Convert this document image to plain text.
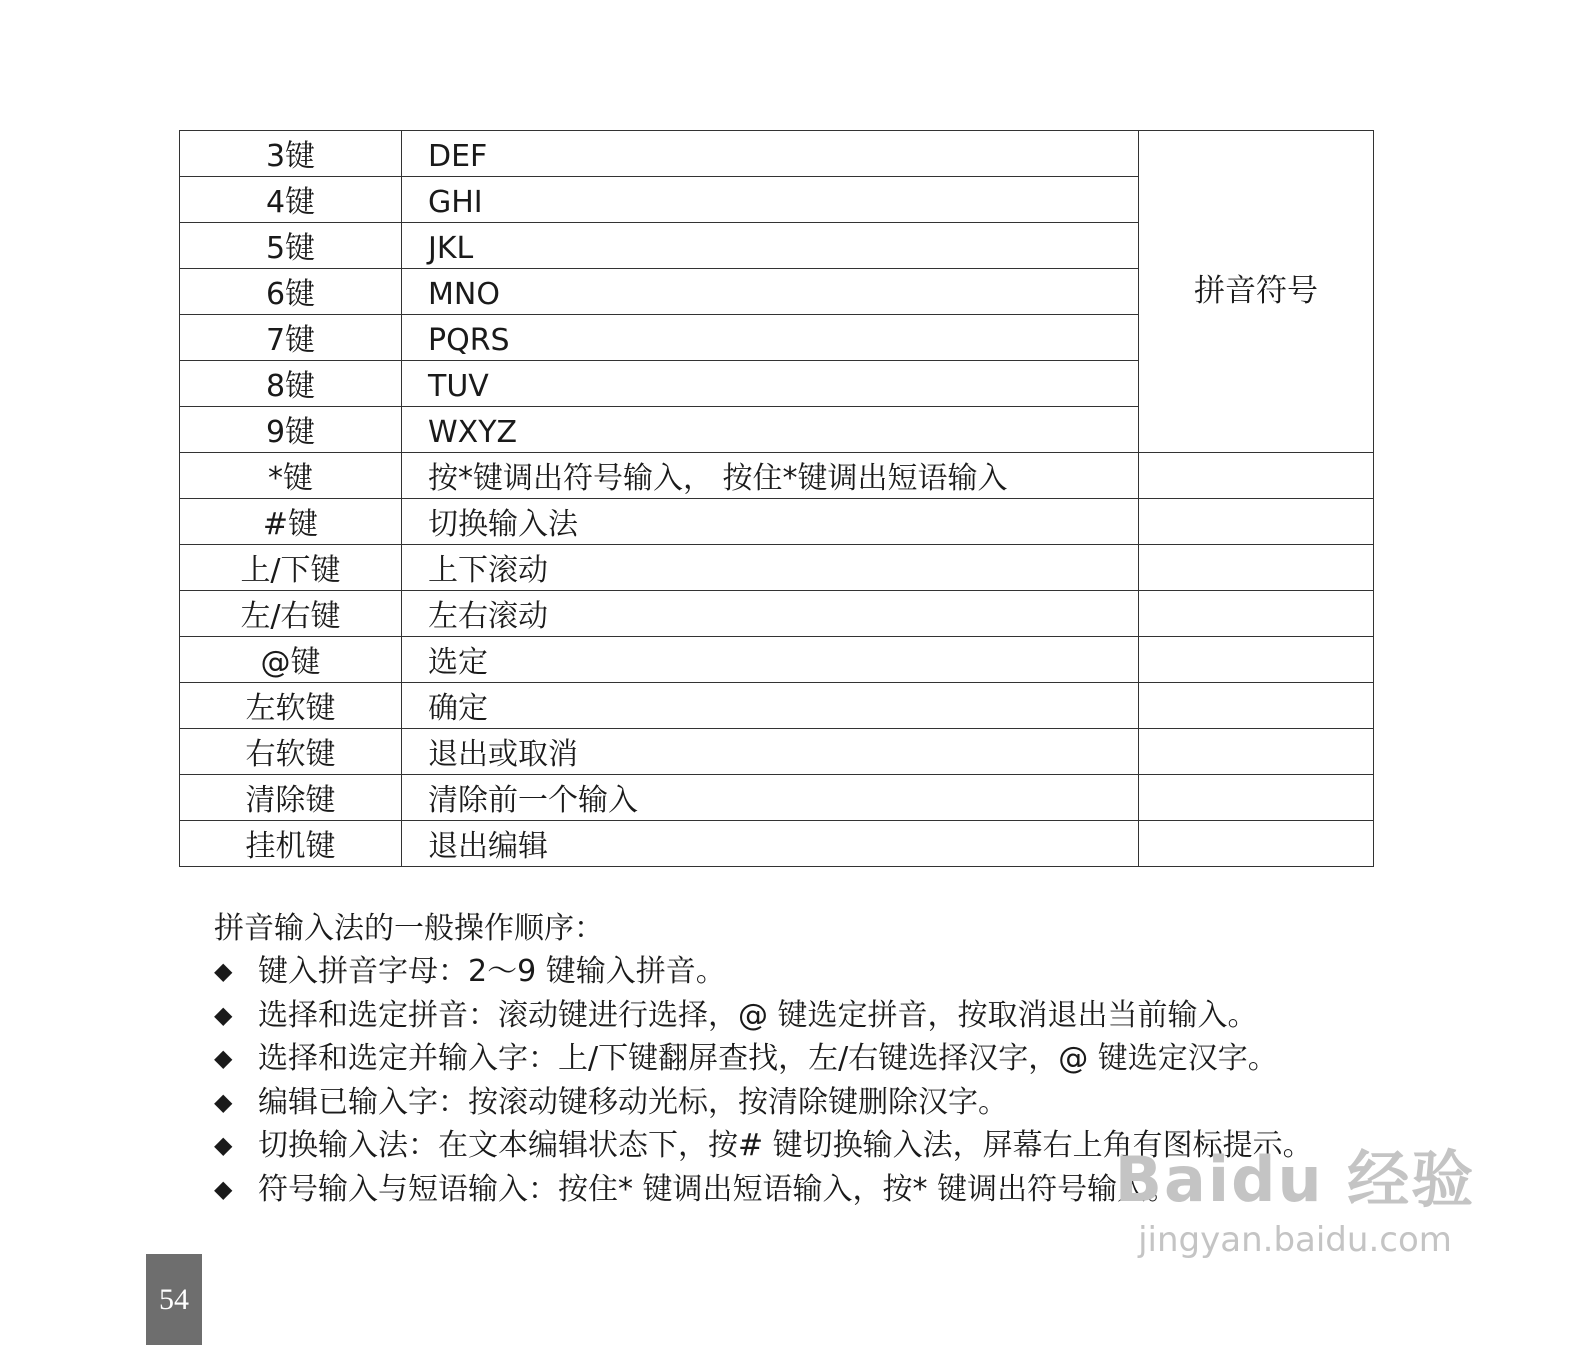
3键	DEF	拼音符号
4键	GHI	
5键	JKL	
6键	MNO	
7键	PQRS	
8键	TUV	
9键	WXYZ	
*键	按*键调出符号输入， 按住*键调出短语输入	
#键	切换输入法	
上/下键	上下滚动	
左/右键	左右滚动	
@键	选定	
左软键	确定	
右软键	退出或取消	
清除键	清除前一个输入	
挂机键	退出编辑	
拼音输入法的一般操作顺序：
◆ 键入拼音字母：2～9 键输入拼音。
◆ 选择和选定拼音：滚动键进行选择，@ 键选定拼音，按取消退出当前输入。
◆ 选择和选定并输入字：上/下键翻屏查找，左/右键选择汉字，@ 键选定汉字。
◆ 编辑已输入字：按滚动键移动光标，按清除键删除汉字。
◆ 切换输入法：在文本编辑状态下，按# 键切换输入法，屏幕右上角有图标提示。
◆ 符号输入与短语输入：按住* 键调出短语输入，按* 键调出符号输入。
54
Baidu 经验
jingyan.baidu.com
